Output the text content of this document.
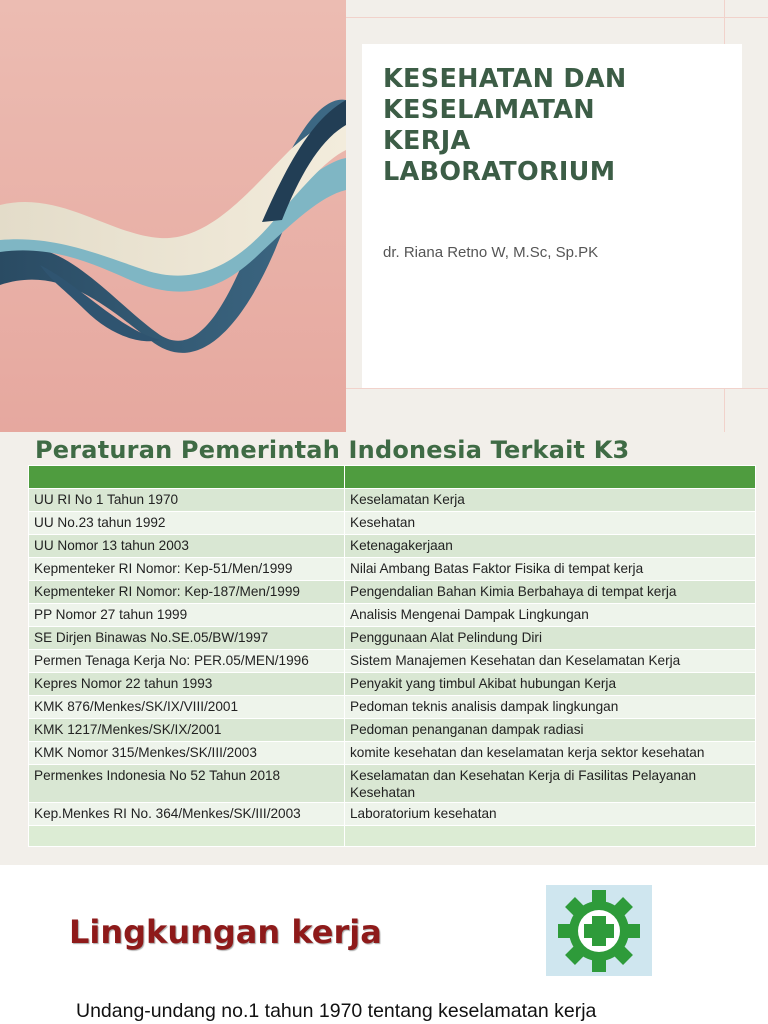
KESEHATAN DAN
KESELAMATAN
KERJA
LABORATORIUM

dr. Riana Retno W, M.Sc, Sp.PK

Peraturan Pemerintah Indonesia Terkait K3

UU RI No 1 Tahun 1970	Keselamatan Kerja
UU No.23 tahun 1992	Kesehatan
UU Nomor 13 tahun 2003	Ketenagakerjaan
Kepmenteker RI Nomor: Kep-51/Men/1999	Nilai Ambang Batas Faktor Fisika di tempat kerja
Kepmenteker RI Nomor: Kep-187/Men/1999	Pengendalian Bahan Kimia Berbahaya di tempat kerja
PP Nomor 27 tahun 1999	Analisis Mengenai Dampak Lingkungan
SE Dirjen Binawas No.SE.05/BW/1997	Penggunaan Alat Pelindung Diri
Permen Tenaga Kerja No: PER.05/MEN/1996	Sistem Manajemen Kesehatan dan Keselamatan Kerja
Kepres Nomor 22 tahun 1993	Penyakit yang timbul Akibat hubungan Kerja
KMK 876/Menkes/SK/IX/VIII/2001	Pedoman teknis analisis dampak lingkungan
KMK 1217/Menkes/SK/IX/2001	Pedoman penanganan dampak radiasi
KMK Nomor 315/Menkes/SK/III/2003	komite kesehatan dan keselamatan kerja sektor kesehatan
Permenkes Indonesia No 52 Tahun 2018	Keselamatan dan Kesehatan Kerja di Fasilitas Pelayanan Kesehatan
Kep.Menkes RI No. 364/Menkes/SK/III/2003	Laboratorium kesehatan

Lingkungan kerja

Undang-undang no.1 tahun 1970 tentang keselamatan kerja
